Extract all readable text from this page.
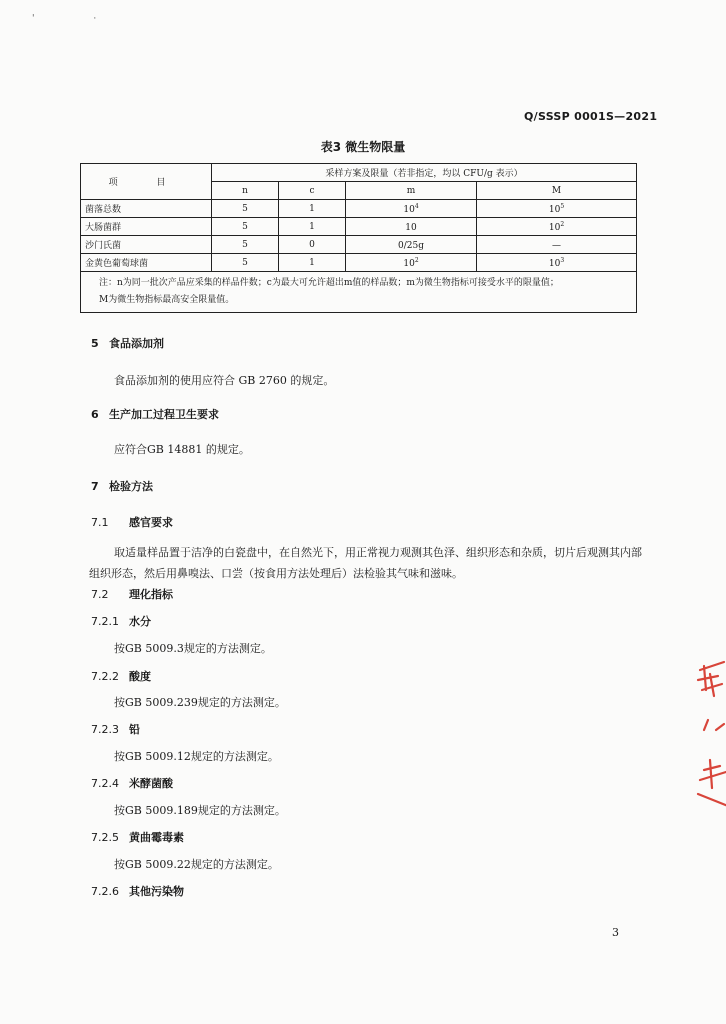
' ·
Q/SSSP 0001S—2021
表3 微生物限量
项 目	采样方案及限量（若非指定，均以 CFU/g 表示）			
	n	c	m	M
菌落总数	5	1	$10^4$	$10^5$
大肠菌群	5	1	10	$10^2$
沙门氏菌	5	0	0/25g	—
金黄色葡萄球菌	5	1	$10^2$	$10^3$

注：n为同一批次产品应采集的样品件数；c为最大可允许超出m值的样品数；m为微生物指标可接受水平的限量值；
M为微生物指标最高安全限量值。				
5 食品添加剂
食品添加剂的使用应符合 GB 2760 的规定。
6 生产加工过程卫生要求
应符合GB 14881 的规定。
7 检验方法
7.1 感官要求
取适量样品置于洁净的白瓷盘中，在自然光下，用正常视力观测其色泽、组织形态和杂质，切片后观测其内部组织形态，然后用鼻嗅法、口尝（按食用方法处理后）法检验其气味和滋味。
7.2 理化指标
7.2.1 水分
按GB 5009.3规定的方法测定。
7.2.2 酸度
按GB 5009.239规定的方法测定。
7.2.3 铅
按GB 5009.12规定的方法测定。
7.2.4 米酵菌酸
按GB 5009.189规定的方法测定。
7.2.5 黄曲霉毒素
按GB 5009.22规定的方法测定。
7.2.6 其他污染物
3
